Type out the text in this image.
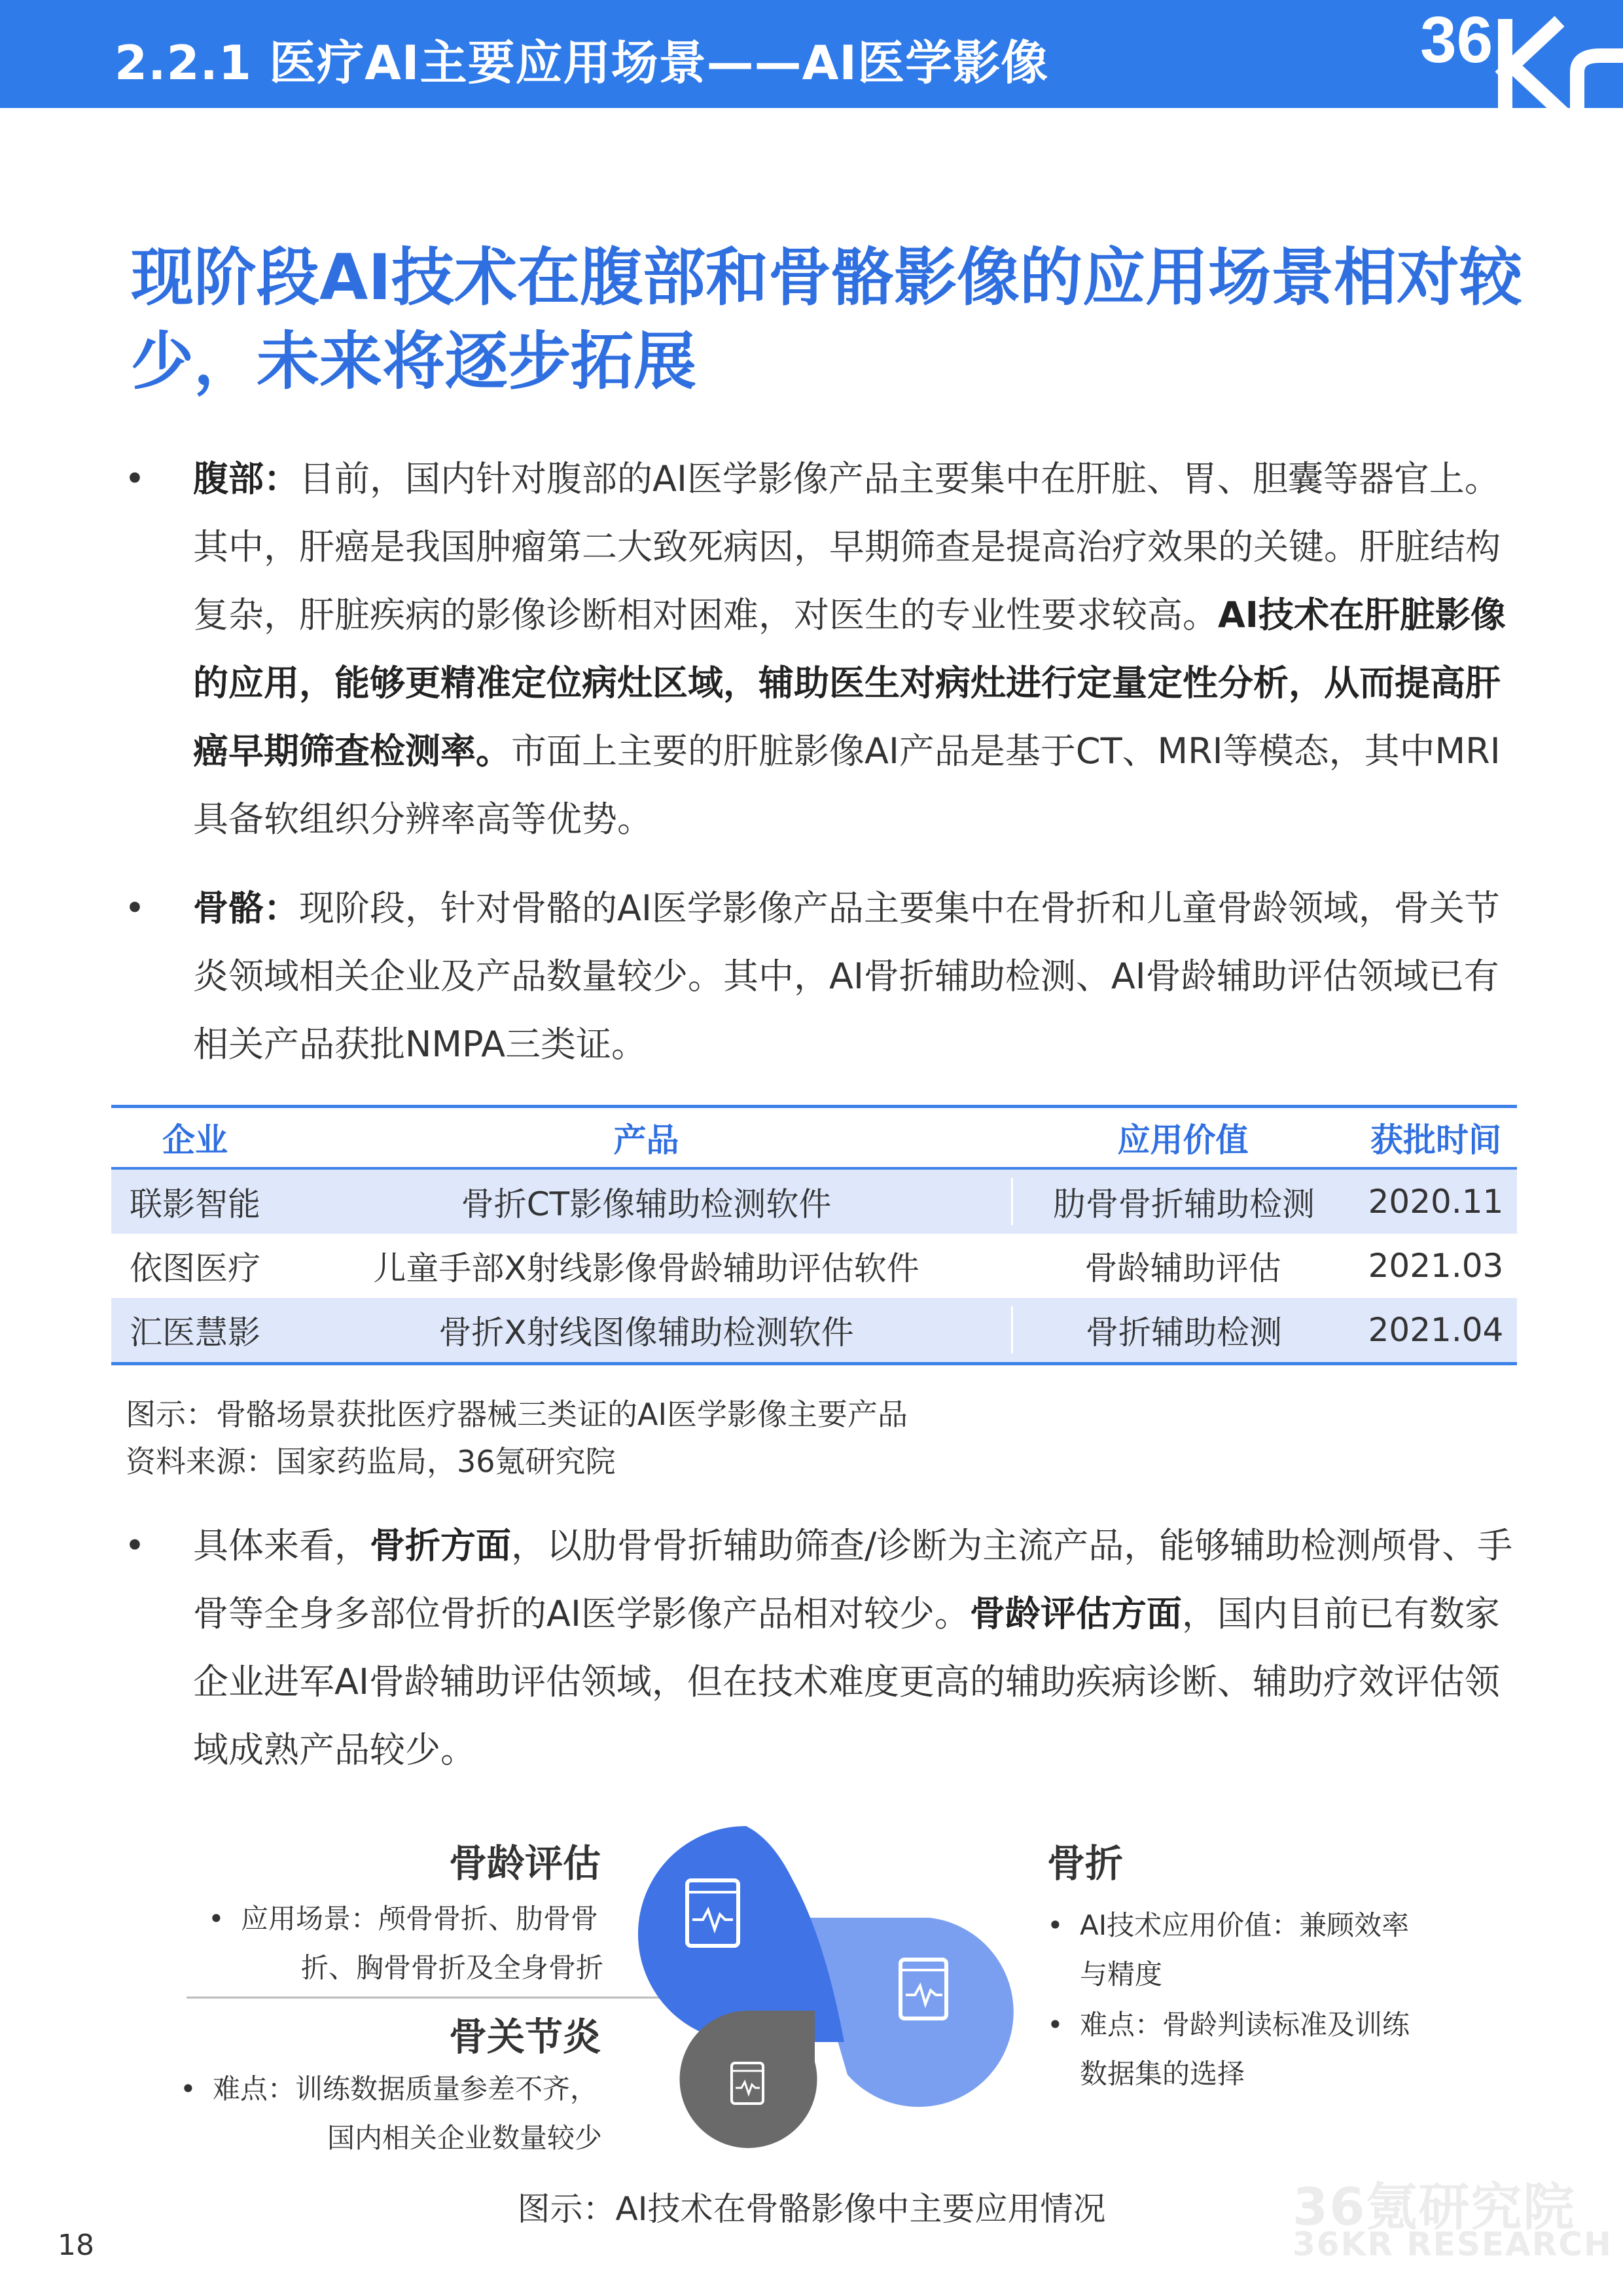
2.2.1 医疗AI主要应用场景——AI医学影像	36
现阶段AI技术在腹部和骨骼影像的应用场景相对较少，未来将逐步拓展
•	腹部：目前，国内针对腹部的AI医学影像产品主要集中在肝脏、胃、胆囊等器官上。其中，肝癌是我国肿瘤第二大致死病因，早期筛查是提高治疗效果的关键。肝脏结构复杂，肝脏疾病的影像诊断相对困难，对医生的专业性要求较高。AI技术在肝脏影像的应用，能够更精准定位病灶区域，辅助医生对病灶进行定量定性分析，从而提高肝癌早期筛查检测率。市面上主要的肝脏影像AI产品是基于CT、MRI等模态，其中MRI具备软组织分辨率高等优势。
•	骨骼：现阶段，针对骨骼的AI医学影像产品主要集中在骨折和儿童骨龄领域，骨关节炎领域相关企业及产品数量较少。其中，AI骨折辅助检测、AI骨龄辅助评估领域已有相关产品获批NMPA三类证。
企业	产品	应用价值	获批时间
联影智能	骨折CT影像辅助检测软件	肋骨骨折辅助检测	2020.11
依图医疗	儿童手部X射线影像骨龄辅助评估软件	骨龄辅助评估	2021.03
汇医慧影	骨折X射线图像辅助检测软件	骨折辅助检测	2021.04
图示：骨骼场景获批医疗器械三类证的AI医学影像主要产品
资料来源：国家药监局，36氪研究院
•	具体来看，骨折方面，以肋骨骨折辅助筛查/诊断为主流产品，能够辅助检测颅骨、手骨等全身多部位骨折的AI医学影像产品相对较少。骨龄评估方面，国内目前已有数家企业进军AI骨龄辅助评估领域，但在技术难度更高的辅助疾病诊断、辅助疗效评估领域成熟产品较少。
骨龄评估
• 应用场景：颅骨骨折、肋骨骨
折、胸骨骨折及全身骨折
骨关节炎
• 难点：训练数据质量参差不齐，
国内相关企业数量较少
骨折
• AI技术应用价值：兼顾效率
与精度
• 难点：骨龄判读标准及训练
数据集的选择
图示：AI技术在骨骼影像中主要应用情况	36氪研究院
36KR RESEARCH
18
